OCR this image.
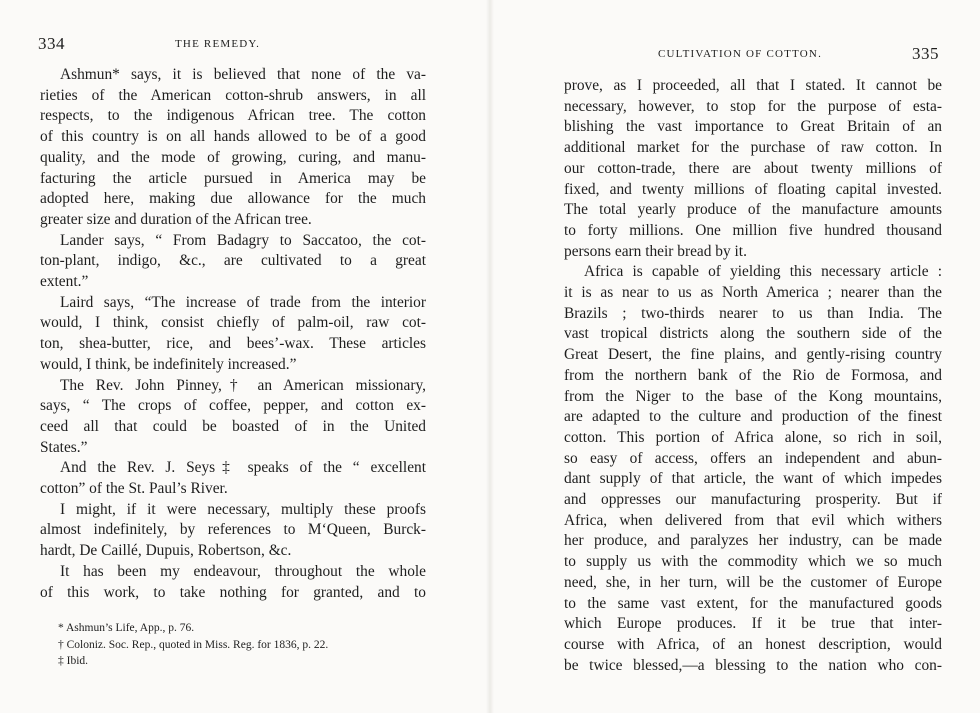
334	THE REMEDY.
Ashmun* says, it is believed that none of the va-
rieties of the American cotton-shrub answers, in all
respects, to the indigenous African tree. The cotton
of this country is on all hands allowed to be of a good
quality, and the mode of growing, curing, and manu-
facturing the article pursued in America may be
adopted here, making due allowance for the much
greater size and duration of the African tree.
Lander says, “ From Badagry to Saccatoo, the cot-
ton-plant, indigo, &c., are cultivated to a great
extent.”
Laird says, “The increase of trade from the interior
would, I think, consist chiefly of palm-oil, raw cot-
ton, shea-butter, rice, and bees’-wax. These articles
would, I think, be indefinitely increased.”
The Rev. John Pinney,† an American missionary,
says, “ The crops of coffee, pepper, and cotton ex-
ceed all that could be boasted of in the United
States.”
And the Rev. J. Seys‡ speaks of the “ excellent
cotton” of the St. Paul’s River.
I might, if it were necessary, multiply these proofs
almost indefinitely, by references to M‘Queen, Burck-
hardt, De Caillé, Dupuis, Robertson, &c.
It has been my endeavour, throughout the whole
of this work, to take nothing for granted, and to
* Ashmun’s Life, App., p. 76.
† Coloniz. Soc. Rep., quoted in Miss. Reg. for 1836, p. 22.
‡ Ibid.
CULTIVATION OF COTTON.	335
prove, as I proceeded, all that I stated. It cannot be
necessary, however, to stop for the purpose of esta-
blishing the vast importance to Great Britain of an
additional market for the purchase of raw cotton. In
our cotton-trade, there are about twenty millions of
fixed, and twenty millions of floating capital invested.
The total yearly produce of the manufacture amounts
to forty millions. One million five hundred thousand
persons earn their bread by it.
Africa is capable of yielding this necessary article :
it is as near to us as North America ; nearer than the
Brazils ; two-thirds nearer to us than India. The
vast tropical districts along the southern side of the
Great Desert, the fine plains, and gently-rising country
from the northern bank of the Rio de Formosa, and
from the Niger to the base of the Kong mountains,
are adapted to the culture and production of the finest
cotton. This portion of Africa alone, so rich in soil,
so easy of access, offers an independent and abun-
dant supply of that article, the want of which impedes
and oppresses our manufacturing prosperity. But if
Africa, when delivered from that evil which withers
her produce, and paralyzes her industry, can be made
to supply us with the commodity which we so much
need, she, in her turn, will be the customer of Europe
to the same vast extent, for the manufactured goods
which Europe produces. If it be true that inter-
course with Africa, of an honest description, would
be twice blessed,—a blessing to the nation who con-
